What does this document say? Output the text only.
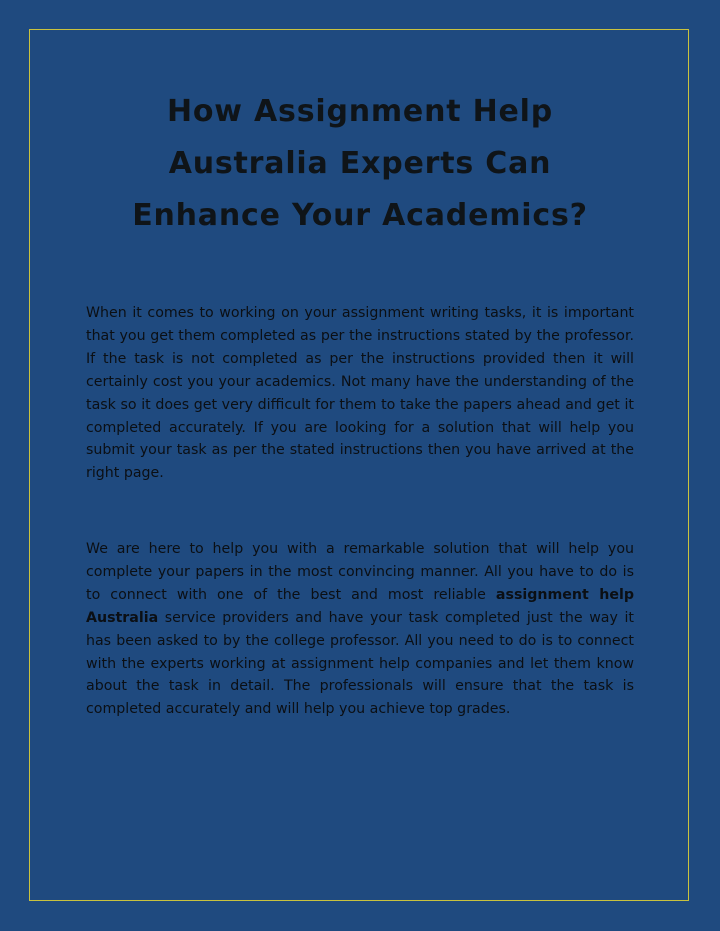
How Assignment Help Australia Experts Can Enhance Your Academics?

When it comes to working on your assignment writing tasks, it is important that you get them completed as per the instructions stated by the professor. If the task is not completed as per the instructions provided then it will certainly cost you your academics. Not many have the understanding of the task so it does get very difficult for them to take the papers ahead and get it completed accurately. If you are looking for a solution that will help you submit your task as per the stated instructions then you have arrived at the right page.

We are here to help you with a remarkable solution that will help you complete your papers in the most convincing manner. All you have to do is to connect with one of the best and most reliable assignment help Australia service providers and have your task completed just the way it has been asked to by the college professor. All you need to do is to connect with the experts working at assignment help companies and let them know about the task in detail. The professionals will ensure that the task is completed accurately and will help you achieve top grades.
